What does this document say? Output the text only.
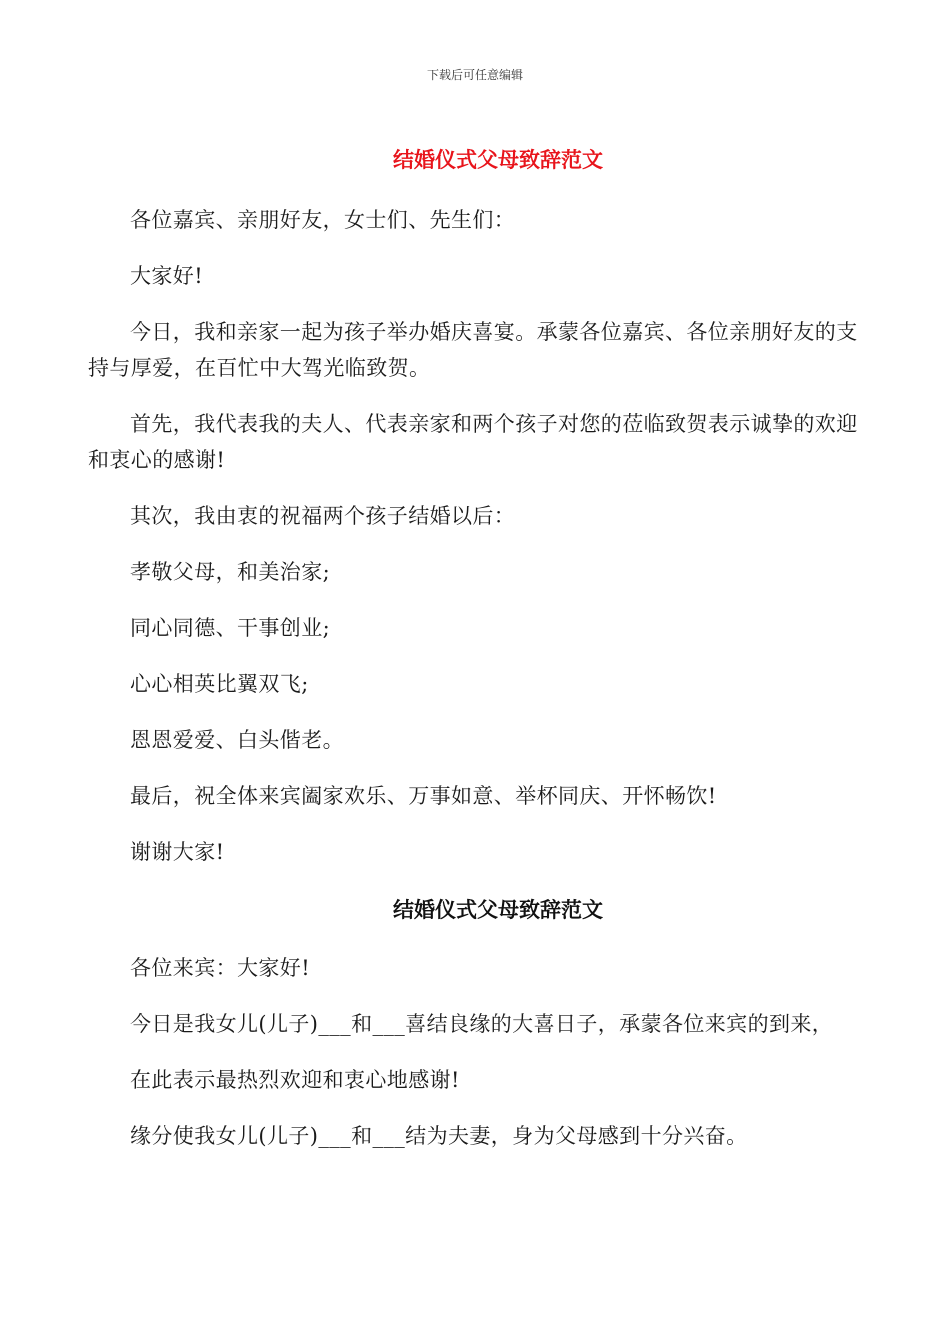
下载后可任意编辑
结婚仪式父母致辞范文

各位嘉宾、亲朋好友，女士们、先生们：

大家好!

今日，我和亲家一起为孩子举办婚庆喜宴。承蒙各位嘉宾、各位亲朋好友的支持与厚爱，在百忙中大驾光临致贺。

首先，我代表我的夫人、代表亲家和两个孩子对您的莅临致贺表示诚挚的欢迎和衷心的感谢!

其次，我由衷的祝福两个孩子结婚以后：

孝敬父母，和美治家;

同心同德、干事创业;

心心相英比翼双飞;

恩恩爱爱、白头偕老。

最后，祝全体来宾阖家欢乐、万事如意、举杯同庆、开怀畅饮!

谢谢大家!

结婚仪式父母致辞范文

各位来宾：大家好!

今日是我女儿(儿子)___和___喜结良缘的大喜日子，承蒙各位来宾的到来，

在此表示最热烈欢迎和衷心地感谢!

缘分使我女儿(儿子)___和___结为夫妻，身为父母感到十分兴奋。
